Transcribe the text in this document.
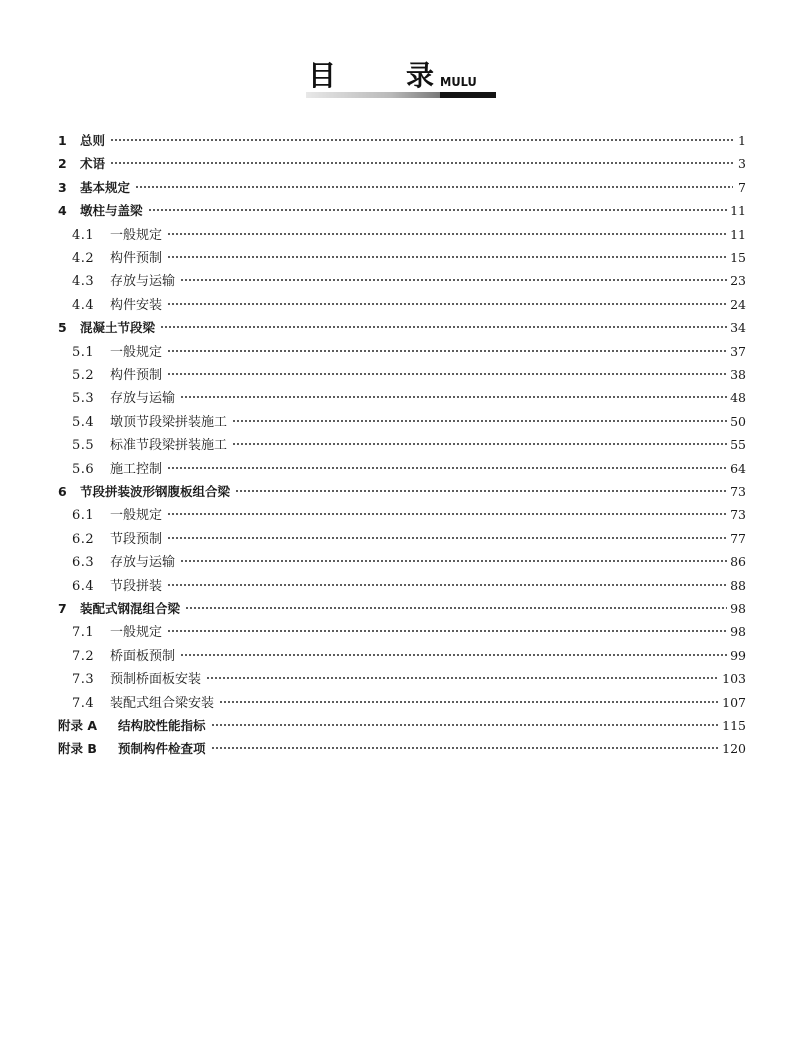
目 录 MULU
1	总则	1
2	术语	3
3	基本规定	7
4	墩柱与盖梁	11
4.1	一般规定	11
4.2	构件预制	15
4.3	存放与运输	23
4.4	构件安装	24
5	混凝土节段梁	34
5.1	一般规定	37
5.2	构件预制	38
5.3	存放与运输	48
5.4	墩顶节段梁拼装施工	50
5.5	标准节段梁拼装施工	55
5.6	施工控制	64
6	节段拼装波形钢腹板组合梁	73
6.1	一般规定	73
6.2	节段预制	77
6.3	存放与运输	86
6.4	节段拼装	88
7	装配式钢混组合梁	98
7.1	一般规定	98
7.2	桥面板预制	99
7.3	预制桥面板安装	103
7.4	装配式组合梁安装	107
附录 A	结构胶性能指标	115
附录 B	预制构件检查项	120
